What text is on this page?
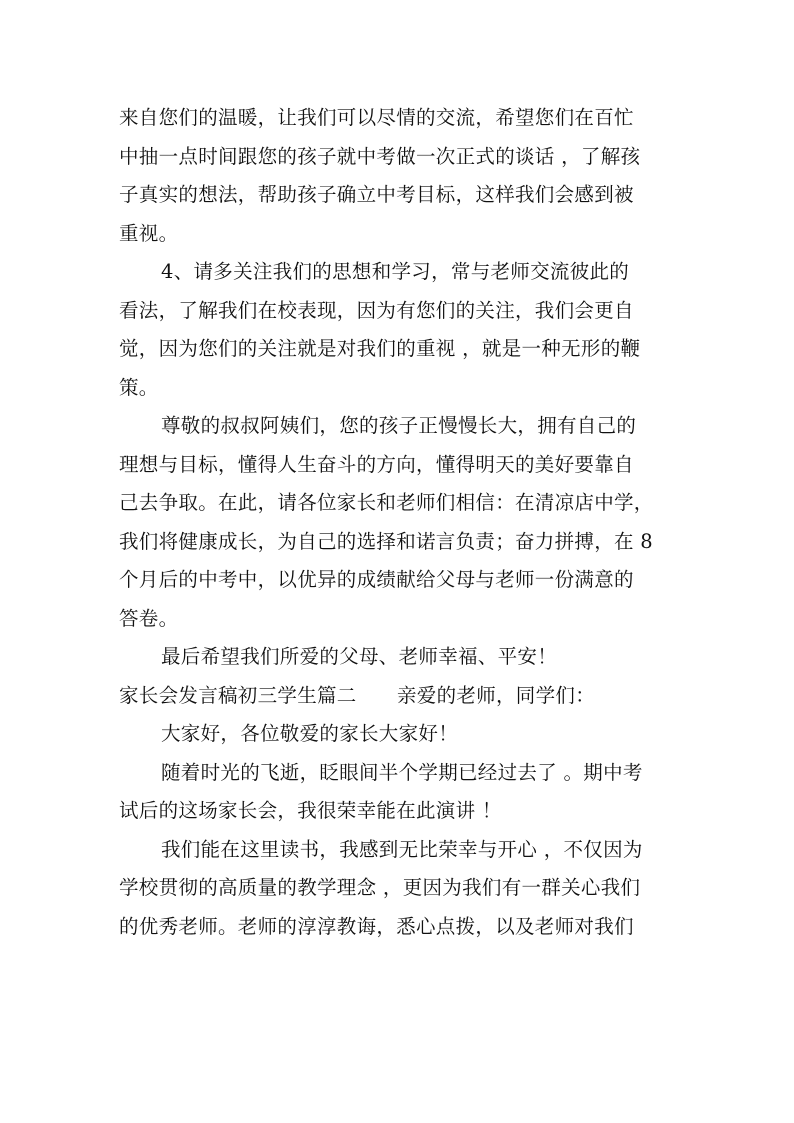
来自您们的温暖，让我们可以尽情的交流，希望您们在百忙
中抽一点时间跟您的孩子就中考做一次正式的谈话 ，了解孩
子真实的想法，帮助孩子确立中考目标，这样我们会感到被
重视。
4、请多关注我们的思想和学习，常与老师交流彼此的
看法，了解我们在校表现，因为有您们的关注，我们会更自
觉，因为您们的关注就是对我们的重视 ，就是一种无形的鞭
策。
尊敬的叔叔阿姨们，您的孩子正慢慢长大，拥有自己的
理想与目标，懂得人生奋斗的方向，懂得明天的美好要靠自
己去争取。在此，请各位家长和老师们相信：在清凉店中学，
我们将健康成长，为自己的选择和诺言负责；奋力拼搏，在 8
个月后的中考中，以优异的成绩献给父母与老师一份满意的
答卷。
最后希望我们所爱的父母、老师幸福、平安！
家长会发言稿初三学生篇二	亲爱的老师，同学们：
大家好，各位敬爱的家长大家好！
随着时光的飞逝，眨眼间半个学期已经过去了 。期中考
试后的这场家长会，我很荣幸能在此演讲 ！
我们能在这里读书，我感到无比荣幸与开心 ，不仅因为
学校贯彻的高质量的教学理念 ，更因为我们有一群关心我们
的优秀老师。老师的淳淳教诲，悉心点拨，以及老师对我们
